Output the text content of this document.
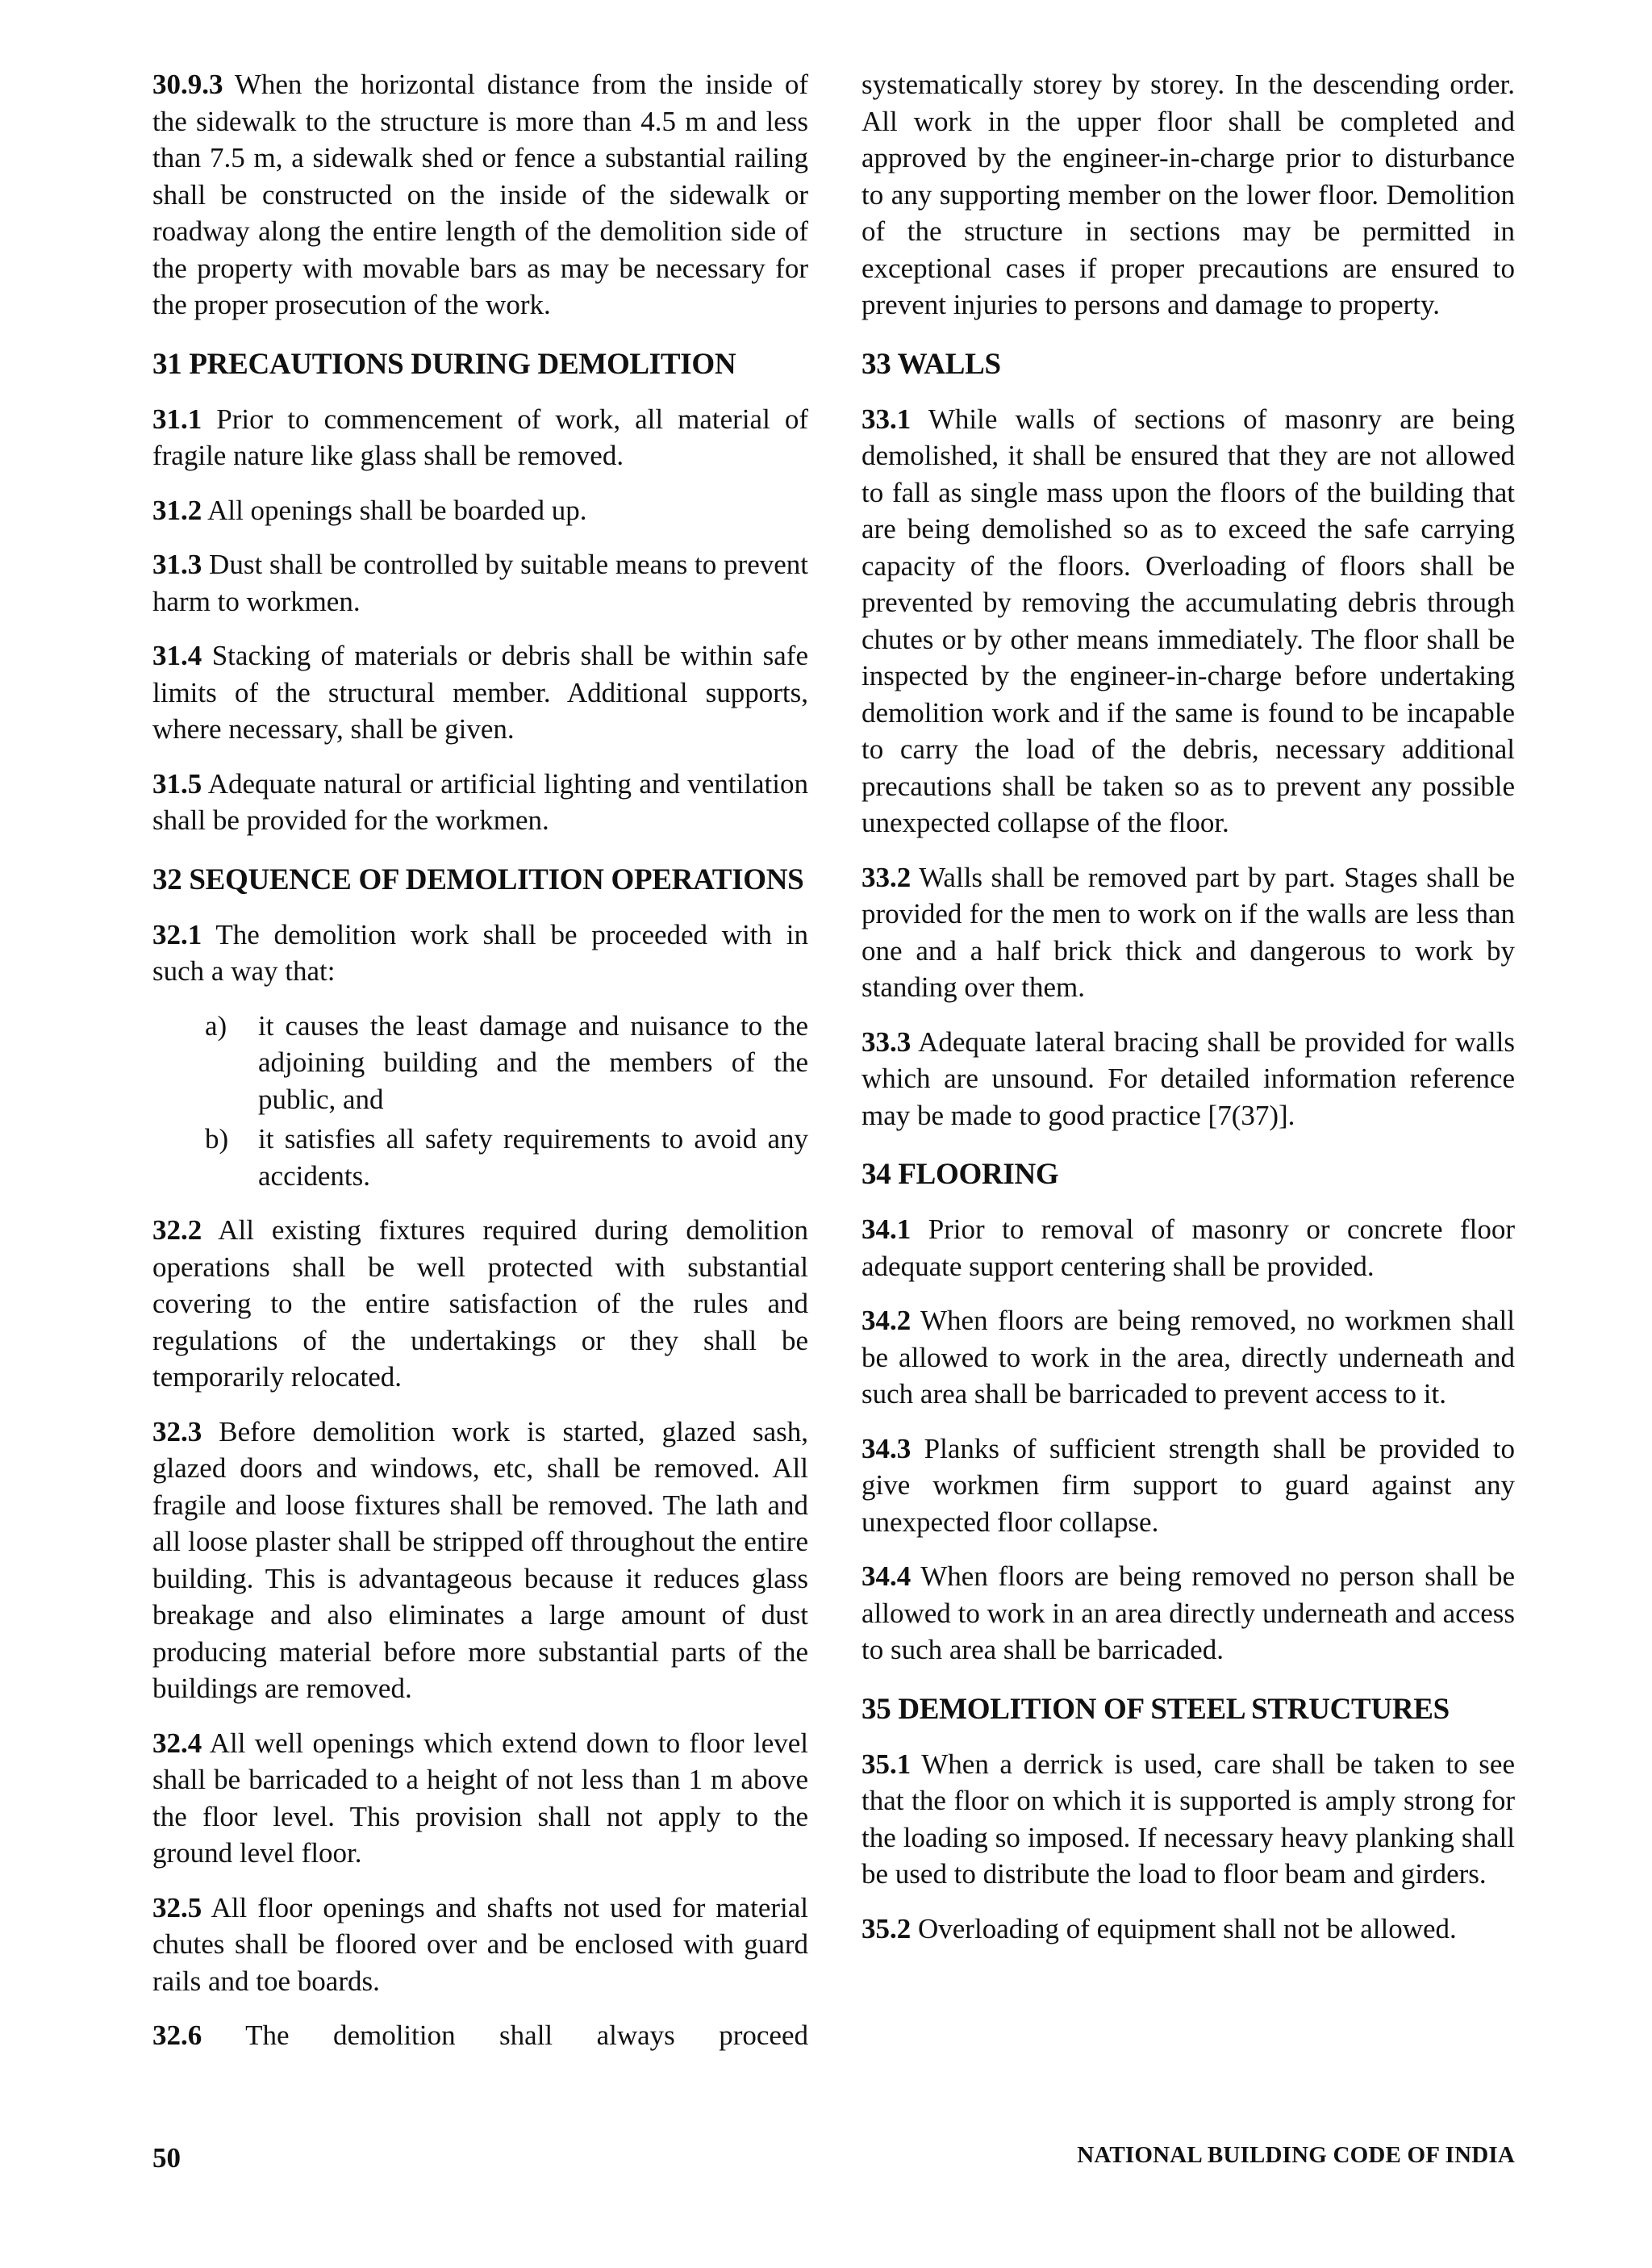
30.9.3 When the horizontal distance from the inside of the sidewalk to the structure is more than 4.5 m and less than 7.5 m, a sidewalk shed or fence a substantial railing shall be constructed on the inside of the sidewalk or roadway along the entire length of the demolition side of the property with movable bars as may be necessary for the proper prosecution of the work.

31 PRECAUTIONS DURING DEMOLITION

31.1 Prior to commencement of work, all material of fragile nature like glass shall be removed.

31.2 All openings shall be boarded up.

31.3 Dust shall be controlled by suitable means to prevent harm to workmen.

31.4 Stacking of materials or debris shall be within safe limits of the structural member. Additional supports, where necessary, shall be given.

31.5 Adequate natural or artificial lighting and ventilation shall be provided for the workmen.

32 SEQUENCE OF DEMOLITION OPERATIONS

32.1 The demolition work shall be proceeded with in such a way that:

a) it causes the least damage and nuisance to the adjoining building and the members of the public, and
b) it satisfies all safety requirements to avoid any accidents.

32.2 All existing fixtures required during demolition operations shall be well protected with substantial covering to the entire satisfaction of the rules and regulations of the undertakings or they shall be temporarily relocated.

32.3 Before demolition work is started, glazed sash, glazed doors and windows, etc, shall be removed. All fragile and loose fixtures shall be removed. The lath and all loose plaster shall be stripped off throughout the entire building. This is advantageous because it reduces glass breakage and also eliminates a large amount of dust producing material before more substantial parts of the buildings are removed.

32.4 All well openings which extend down to floor level shall be barricaded to a height of not less than 1 m above the floor level. This provision shall not apply to the ground level floor.

32.5 All floor openings and shafts not used for material chutes shall be floored over and be enclosed with guard rails and toe boards.

32.6 The demolition shall always proceed

systematically storey by storey. In the descending order. All work in the upper floor shall be completed and approved by the engineer-in-charge prior to disturbance to any supporting member on the lower floor. Demolition of the structure in sections may be permitted in exceptional cases if proper precautions are ensured to prevent injuries to persons and damage to property.

33 WALLS

33.1 While walls of sections of masonry are being demolished, it shall be ensured that they are not allowed to fall as single mass upon the floors of the building that are being demolished so as to exceed the safe carrying capacity of the floors. Overloading of floors shall be prevented by removing the accumulating debris through chutes or by other means immediately. The floor shall be inspected by the engineer-in-charge before undertaking demolition work and if the same is found to be incapable to carry the load of the debris, necessary additional precautions shall be taken so as to prevent any possible unexpected collapse of the floor.

33.2 Walls shall be removed part by part. Stages shall be provided for the men to work on if the walls are less than one and a half brick thick and dangerous to work by standing over them.

33.3 Adequate lateral bracing shall be provided for walls which are unsound. For detailed information reference may be made to good practice [7(37)].

34 FLOORING

34.1 Prior to removal of masonry or concrete floor adequate support centering shall be provided.

34.2 When floors are being removed, no workmen shall be allowed to work in the area, directly underneath and such area shall be barricaded to prevent access to it.

34.3 Planks of sufficient strength shall be provided to give workmen firm support to guard against any unexpected floor collapse.

34.4 When floors are being removed no person shall be allowed to work in an area directly underneath and access to such area shall be barricaded.

35 DEMOLITION OF STEEL STRUCTURES

35.1 When a derrick is used, care shall be taken to see that the floor on which it is supported is amply strong for the loading so imposed. If necessary heavy planking shall be used to distribute the load to floor beam and girders.

35.2 Overloading of equipment shall not be allowed.

50	NATIONAL BUILDING CODE OF INDIA
